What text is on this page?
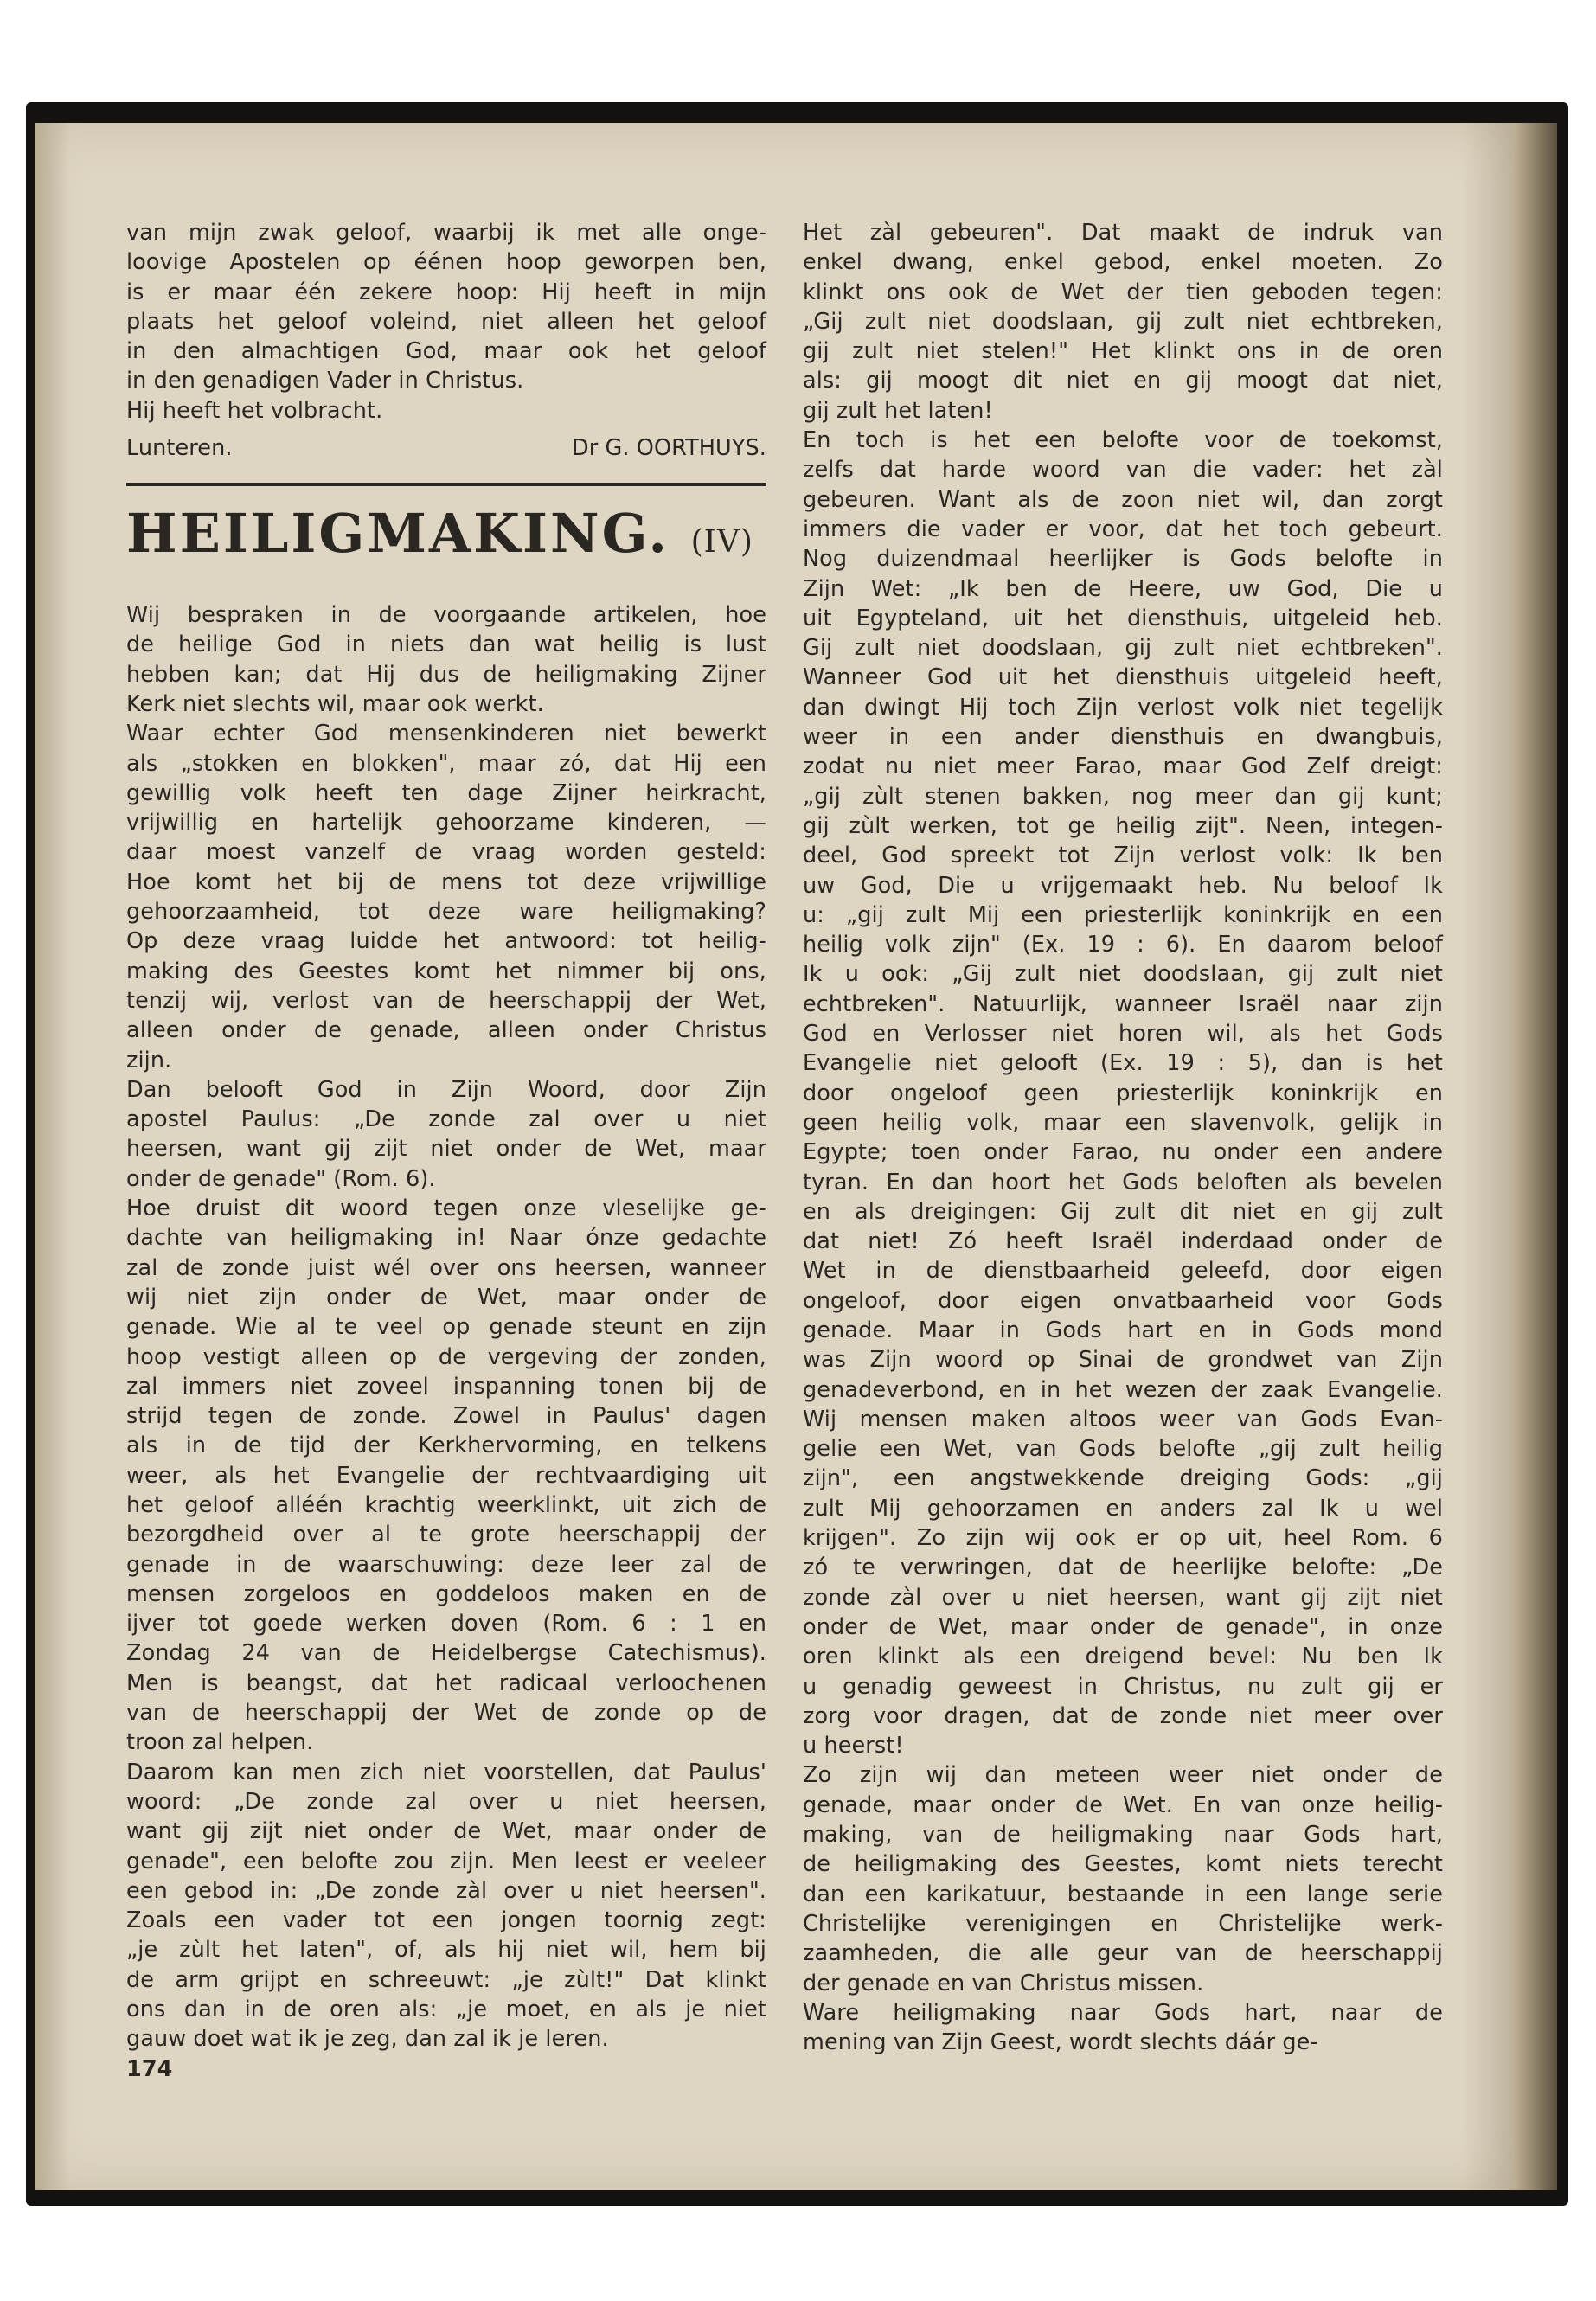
van mijn zwak geloof, waarbij ik met alle onge-
loovige Apostelen op éénen hoop geworpen ben,
is er maar één zekere hoop: Hij heeft in mijn
plaats het geloof voleind, niet alleen het geloof
in den almachtigen God, maar ook het geloof
in den genadigen Vader in Christus.
Hij heeft het volbracht.
Lunteren.	Dr G. OORTHUYS.
HEILIGMAKING. (IV)
Wij bespraken in de voorgaande artikelen, hoe
de heilige God in niets dan wat heilig is lust
hebben kan; dat Hij dus de heiligmaking Zijner
Kerk niet slechts wil, maar ook werkt.
Waar echter God mensenkinderen niet bewerkt
als „stokken en blokken", maar zó, dat Hij een
gewillig volk heeft ten dage Zijner heirkracht,
vrijwillig en hartelijk gehoorzame kinderen, —
daar moest vanzelf de vraag worden gesteld:
Hoe komt het bij de mens tot deze vrijwillige
gehoorzaamheid, tot deze ware heiligmaking?
Op deze vraag luidde het antwoord: tot heilig-
making des Geestes komt het nimmer bij ons,
tenzij wij, verlost van de heerschappij der Wet,
alleen onder de genade, alleen onder Christus
zijn.
Dan belooft God in Zijn Woord, door Zijn
apostel Paulus: „De zonde zal over u niet
heersen, want gij zijt niet onder de Wet, maar
onder de genade" (Rom. 6).
Hoe druist dit woord tegen onze vleselijke ge-
dachte van heiligmaking in! Naar ónze gedachte
zal de zonde juist wél over ons heersen, wanneer
wij niet zijn onder de Wet, maar onder de
genade. Wie al te veel op genade steunt en zijn
hoop vestigt alleen op de vergeving der zonden,
zal immers niet zoveel inspanning tonen bij de
strijd tegen de zonde. Zowel in Paulus' dagen
als in de tijd der Kerkhervorming, en telkens
weer, als het Evangelie der rechtvaardiging uit
het geloof alléén krachtig weerklinkt, uit zich de
bezorgdheid over al te grote heerschappij der
genade in de waarschuwing: deze leer zal de
mensen zorgeloos en goddeloos maken en de
ijver tot goede werken doven (Rom. 6 : 1 en
Zondag 24 van de Heidelbergse Catechismus).
Men is beangst, dat het radicaal verloochenen
van de heerschappij der Wet de zonde op de
troon zal helpen.
Daarom kan men zich niet voorstellen, dat Paulus'
woord: „De zonde zal over u niet heersen,
want gij zijt niet onder de Wet, maar onder de
genade", een belofte zou zijn. Men leest er veeleer
een gebod in: „De zonde zàl over u niet heersen".
Zoals een vader tot een jongen toornig zegt:
„je zùlt het laten", of, als hij niet wil, hem bij
de arm grijpt en schreeuwt: „je zùlt!" Dat klinkt
ons dan in de oren als: „je moet, en als je niet
gauw doet wat ik je zeg, dan zal ik je leren.
174
Het zàl gebeuren". Dat maakt de indruk van
enkel dwang, enkel gebod, enkel moeten. Zo
klinkt ons ook de Wet der tien geboden tegen:
„Gij zult niet doodslaan, gij zult niet echtbreken,
gij zult niet stelen!" Het klinkt ons in de oren
als: gij moogt dit niet en gij moogt dat niet,
gij zult het laten!
En toch is het een belofte voor de toekomst,
zelfs dat harde woord van die vader: het zàl
gebeuren. Want als de zoon niet wil, dan zorgt
immers die vader er voor, dat het toch gebeurt.
Nog duizendmaal heerlijker is Gods belofte in
Zijn Wet: „Ik ben de Heere, uw God, Die u
uit Egypteland, uit het diensthuis, uitgeleid heb.
Gij zult niet doodslaan, gij zult niet echtbreken".
Wanneer God uit het diensthuis uitgeleid heeft,
dan dwingt Hij toch Zijn verlost volk niet tegelijk
weer in een ander diensthuis en dwangbuis,
zodat nu niet meer Farao, maar God Zelf dreigt:
„gij zùlt stenen bakken, nog meer dan gij kunt;
gij zùlt werken, tot ge heilig zijt". Neen, integen-
deel, God spreekt tot Zijn verlost volk: Ik ben
uw God, Die u vrijgemaakt heb. Nu beloof Ik
u: „gij zult Mij een priesterlijk koninkrijk en een
heilig volk zijn" (Ex. 19 : 6). En daarom beloof
Ik u ook: „Gij zult niet doodslaan, gij zult niet
echtbreken". Natuurlijk, wanneer Israël naar zijn
God en Verlosser niet horen wil, als het Gods
Evangelie niet gelooft (Ex. 19 : 5), dan is het
door ongeloof geen priesterlijk koninkrijk en
geen heilig volk, maar een slavenvolk, gelijk in
Egypte; toen onder Farao, nu onder een andere
tyran. En dan hoort het Gods beloften als bevelen
en als dreigingen: Gij zult dit niet en gij zult
dat niet! Zó heeft Israël inderdaad onder de
Wet in de dienstbaarheid geleefd, door eigen
ongeloof, door eigen onvatbaarheid voor Gods
genade. Maar in Gods hart en in Gods mond
was Zijn woord op Sinai de grondwet van Zijn
genadeverbond, en in het wezen der zaak Evangelie.
Wij mensen maken altoos weer van Gods Evan-
gelie een Wet, van Gods belofte „gij zult heilig
zijn", een angstwekkende dreiging Gods: „gij
zult Mij gehoorzamen en anders zal Ik u wel
krijgen". Zo zijn wij ook er op uit, heel Rom. 6
zó te verwringen, dat de heerlijke belofte: „De
zonde zàl over u niet heersen, want gij zijt niet
onder de Wet, maar onder de genade", in onze
oren klinkt als een dreigend bevel: Nu ben Ik
u genadig geweest in Christus, nu zult gij er
zorg voor dragen, dat de zonde niet meer over
u heerst!
Zo zijn wij dan meteen weer niet onder de
genade, maar onder de Wet. En van onze heilig-
making, van de heiligmaking naar Gods hart,
de heiligmaking des Geestes, komt niets terecht
dan een karikatuur, bestaande in een lange serie
Christelijke verenigingen en Christelijke werk-
zaamheden, die alle geur van de heerschappij
der genade en van Christus missen.
Ware heiligmaking naar Gods hart, naar de
mening van Zijn Geest, wordt slechts dáár ge-
